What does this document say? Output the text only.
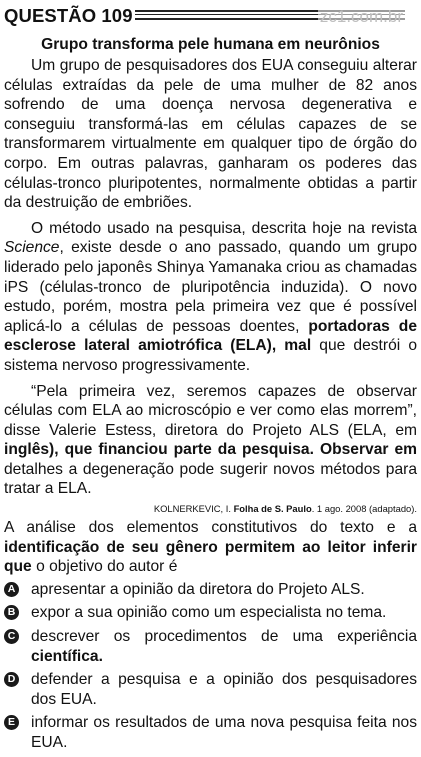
QUESTÃO 109	zc1.com.br
Grupo transforma pele humana em neurônios

Um grupo de pesquisadores dos EUA conseguiu alterar células extraídas da pele de uma mulher de 82 anos sofrendo de uma doença nervosa degenerativa e conseguiu transformá-las em células capazes de se transformarem virtualmente em qualquer tipo de órgão do corpo. Em outras palavras, ganharam os poderes das células-tronco pluripotentes, normalmente obtidas a partir da destruição de embriões.

O método usado na pesquisa, descrita hoje na revista Science, existe desde o ano passado, quando um grupo liderado pelo japonês Shinya Yamanaka criou as chamadas iPS (células-tronco de pluripotência induzida). O novo estudo, porém, mostra pela primeira vez que é possível aplicá-lo a células de pessoas doentes, portadoras de esclerose lateral amiotrófica (ELA), mal que destrói o sistema nervoso progressivamente.

“Pela primeira vez, seremos capazes de observar células com ELA ao microscópio e ver como elas morrem”, disse Valerie Estess, diretora do Projeto ALS (ELA, em inglês), que financiou parte da pesquisa. Observar em detalhes a degeneração pode sugerir novos métodos para tratar a ELA.

KOLNERKEVIC, I. Folha de S. Paulo. 1 ago. 2008 (adaptado).

A análise dos elementos constitutivos do texto e a identificação de seu gênero permitem ao leitor inferir que o objetivo do autor é

A apresentar a opinião da diretora do Projeto ALS.
B expor a sua opinião como um especialista no tema.
C descrever os procedimentos de uma experiência científica.
D defender a pesquisa e a opinião dos pesquisadores dos EUA.
E informar os resultados de uma nova pesquisa feita nos EUA.
